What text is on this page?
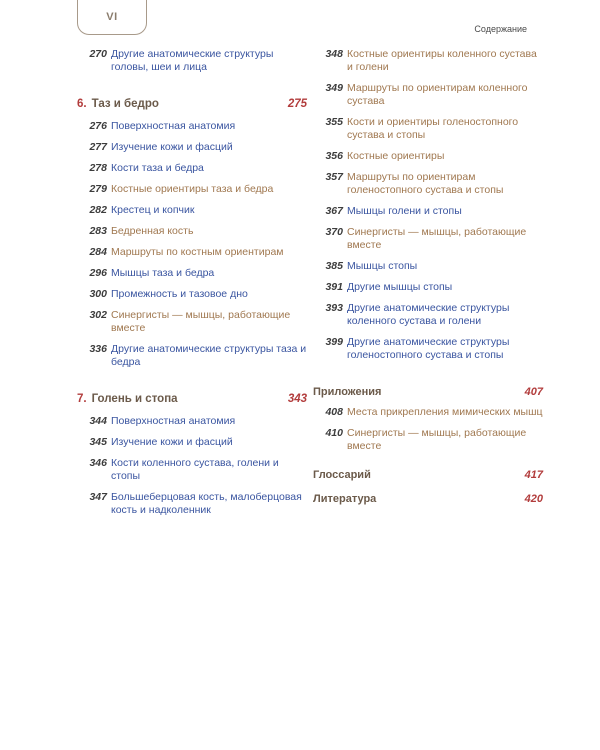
VI
Содержание
270 Другие анатомические структуры головы, шеи и лица
6. Таз и бедро	275
276 Поверхностная анатомия
277 Изучение кожи и фасций
278 Кости таза и бедра
279 Костные ориентиры таза и бедра
282 Крестец и копчик
283 Бедренная кость
284 Маршруты по костным ориентирам
296 Мышцы таза и бедра
300 Промежность и тазовое дно
302 Синергисты — мышцы, работающие вместе
336 Другие анатомические структуры таза и бедра
7. Голень и стопа	343
344 Поверхностная анатомия
345 Изучение кожи и фасций
346 Кости коленного сустава, голени и стопы
347 Большеберцовая кость, малоберцовая кость и надколенник
348 Костные ориентиры коленного сустава и голени
349 Маршруты по ориентирам коленного сустава
355 Кости и ориентиры голеностопного сустава и стопы
356 Костные ориентиры
357 Маршруты по ориентирам голеностопного сустава и стопы
367 Мышцы голени и стопы
370 Синергисты — мышцы, работающие вместе
385 Мышцы стопы
391 Другие мышцы стопы
393 Другие анатомические структуры коленного сустава и голени
399 Другие анатомические структуры голеностопного сустава и стопы
Приложения	407
408 Места прикрепления мимических мышц
410 Синергисты — мышцы, работающие вместе
Глоссарий	417
Литература	420
